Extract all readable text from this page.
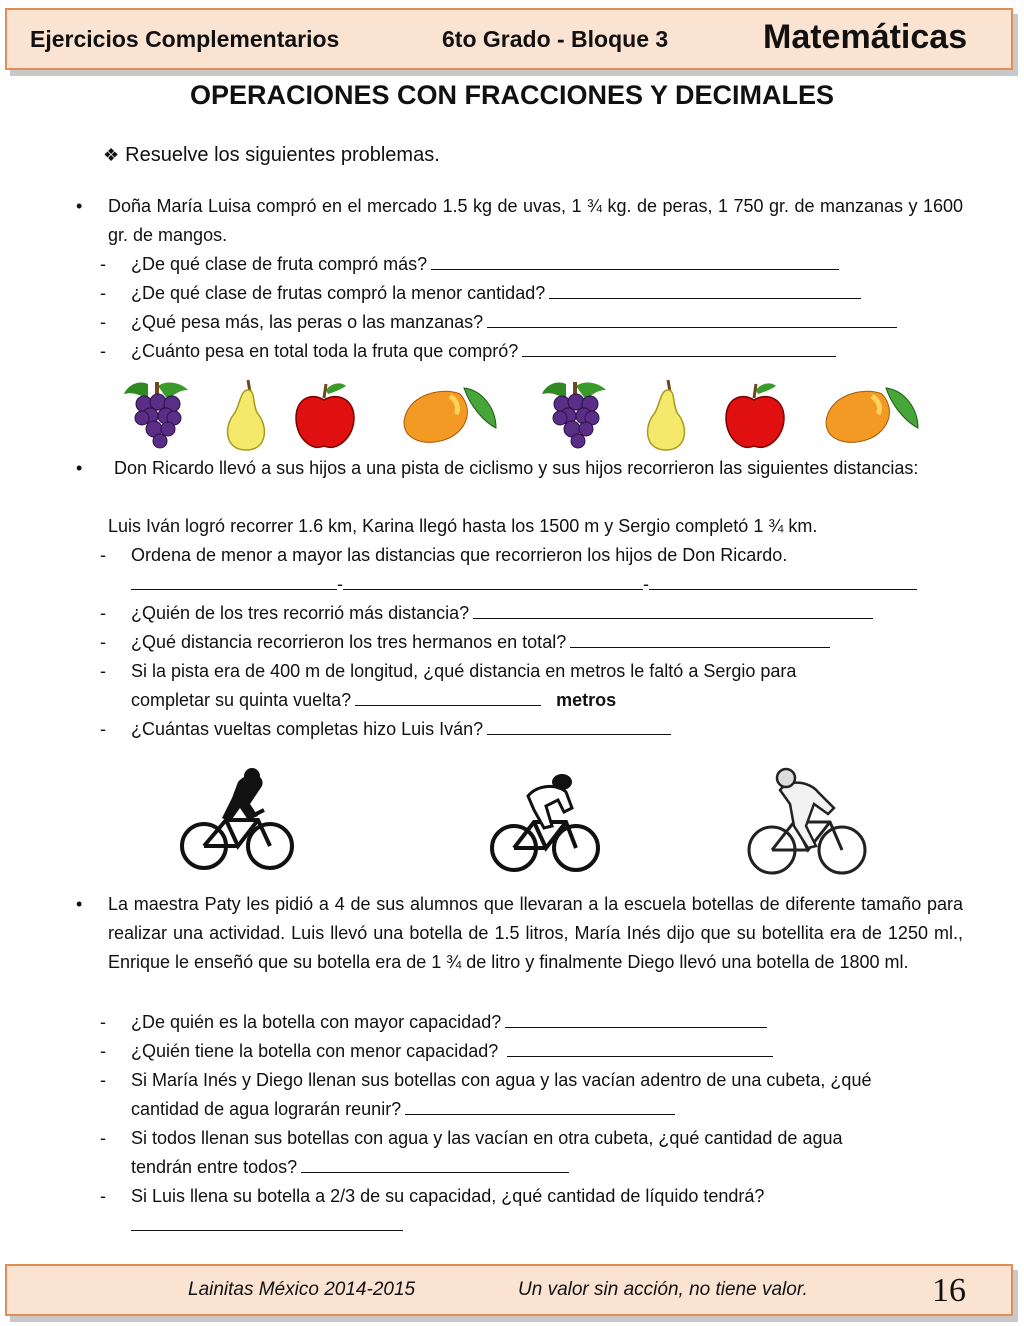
Ejercicios Complementarios	6to Grado - Bloque 3	Matemáticas
OPERACIONES CON FRACCIONES Y DECIMALES
❖ Resuelve los siguientes problemas.
• Doña María Luisa compró en el mercado 1.5 kg de uvas, 1 ¾ kg. de peras, 1 750 gr. de manzanas y 1600 gr. de mangos.
- ¿De qué clase de fruta compró más?
- ¿De qué clase de frutas compró la menor cantidad?
- ¿Qué pesa más, las peras o las manzanas?
- ¿Cuánto pesa en total toda la fruta que compró?
•	Don Ricardo llevó a sus hijos a una pista de ciclismo y sus hijos recorrieron las siguientes distancias:
Luis Iván logró recorrer 1.6 km, Karina llegó hasta los 1500 m y Sergio completó 1 ¾ km.
- Ordena de menor a mayor las distancias que recorrieron los hijos de Don Ricardo.
-	-
- ¿Quién de los tres recorrió más distancia?
- ¿Qué distancia recorrieron los tres hermanos en total?
- Si la pista era de 400 m de longitud, ¿qué distancia en metros le faltó a Sergio para
completar su quinta vuelta?	metros
- ¿Cuántas vueltas completas hizo Luis Iván?
• La maestra Paty les pidió a 4 de sus alumnos que llevaran a la escuela botellas de diferente tamaño para realizar una actividad. Luis llevó una botella de 1.5 litros, María Inés dijo que su botellita era de 1250 ml., Enrique le enseñó que su botella era de 1 ¾ de litro y finalmente Diego llevó una botella de 1800 ml.
- ¿De quién es la botella con mayor capacidad?
- ¿Quién tiene la botella con menor capacidad?
- Si María Inés y Diego llenan sus botellas con agua y las vacían adentro de una cubeta, ¿qué
cantidad de agua lograrán reunir?
- Si todos llenan sus botellas con agua y las vacían en otra cubeta, ¿qué cantidad de agua
tendrán entre todos?
- Si Luis llena su botella a 2/3 de su capacidad, ¿qué cantidad de líquido tendrá?
Lainitas México 2014-2015	Un valor sin acción, no tiene valor.	16
